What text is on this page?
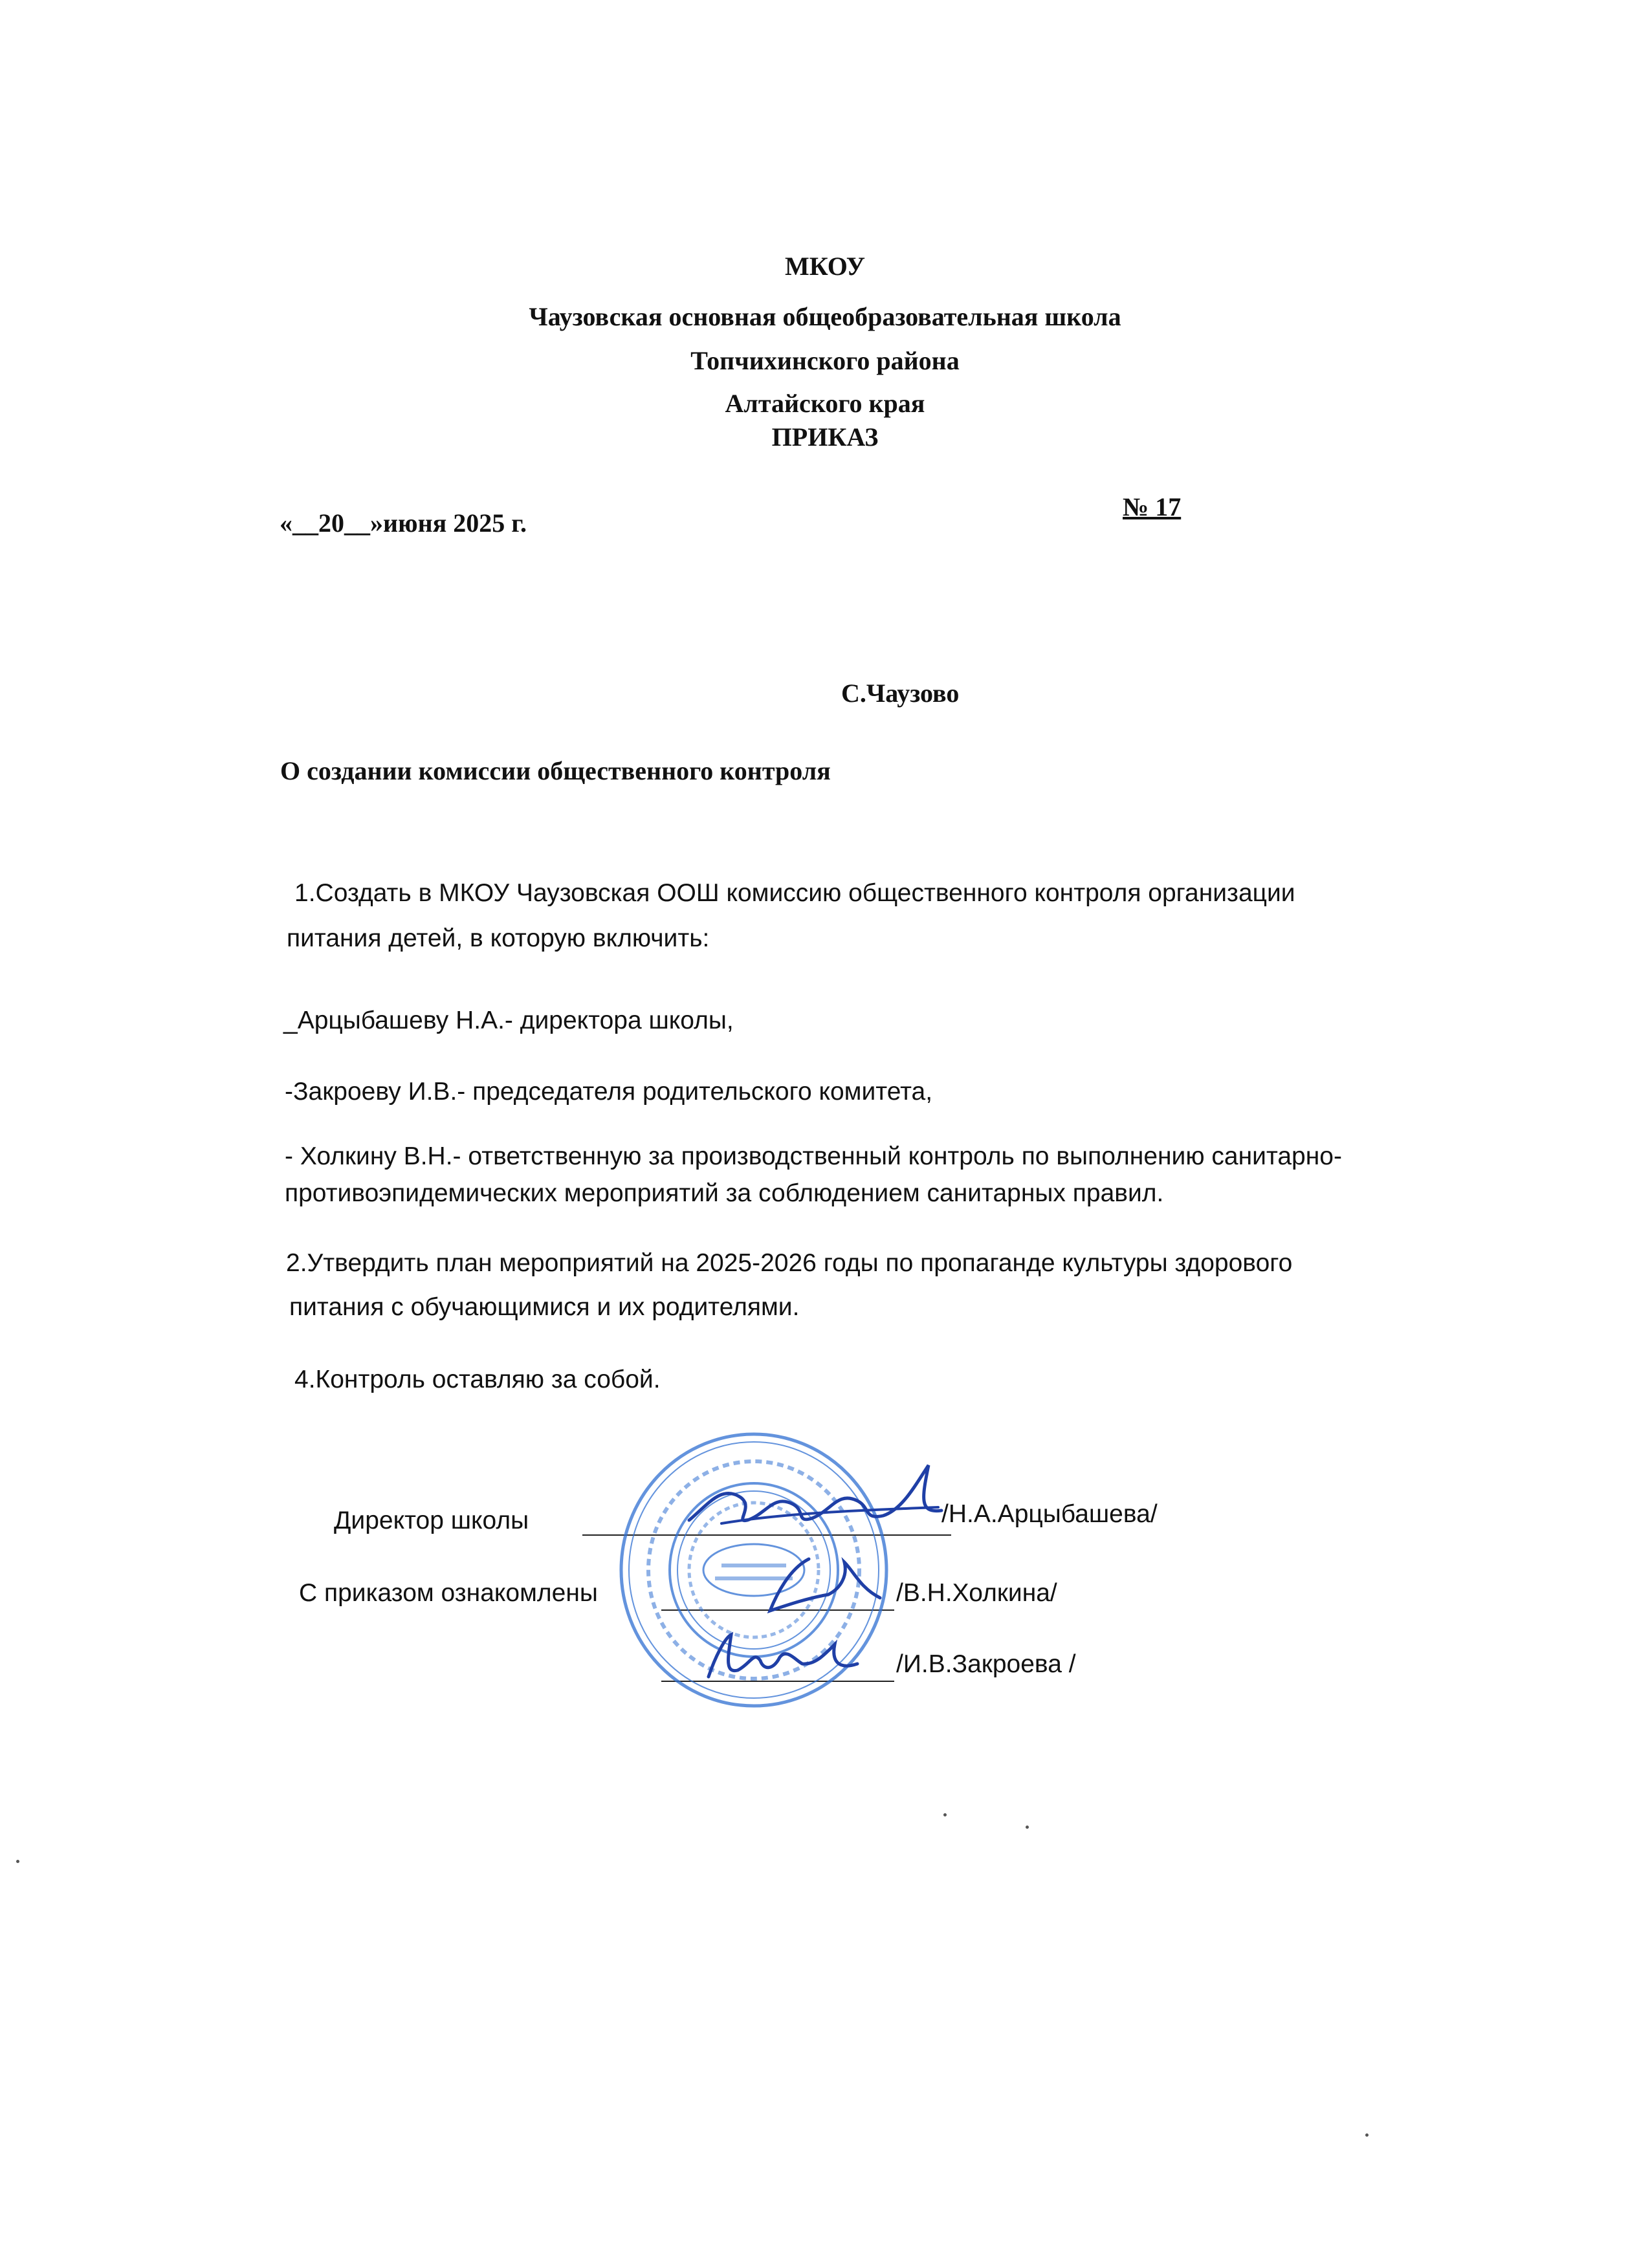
МКОУ
Чаузовская основная общеобразовательная школа
Топчихинского района
Алтайского края
ПРИКАЗ
«__20__»июня 2025 г.
№ 17
С.Чаузово
О создании комиссии общественного контроля
1.Создать в МКОУ Чаузовская ООШ комиссию общественного контроля организации
питания детей, в которую включить:
_Арцыбашеву Н.А.- директора школы,
-Закроеву И.В.- председателя родительского комитета,
- Холкину В.Н.- ответственную за производственный контроль по выполнению санитарно-
противоэпидемических мероприятий за соблюдением санитарных правил.
2.Утвердить план мероприятий на 2025-2026 годы по пропаганде культуры здорового
питания с обучающимися и их родителями.
4.Контроль оставляю за собой.
Директор школы	/Н.А.Арцыбашева/
С приказом ознакомлены	/В.Н.Холкина/
/И.В.Закроева /
